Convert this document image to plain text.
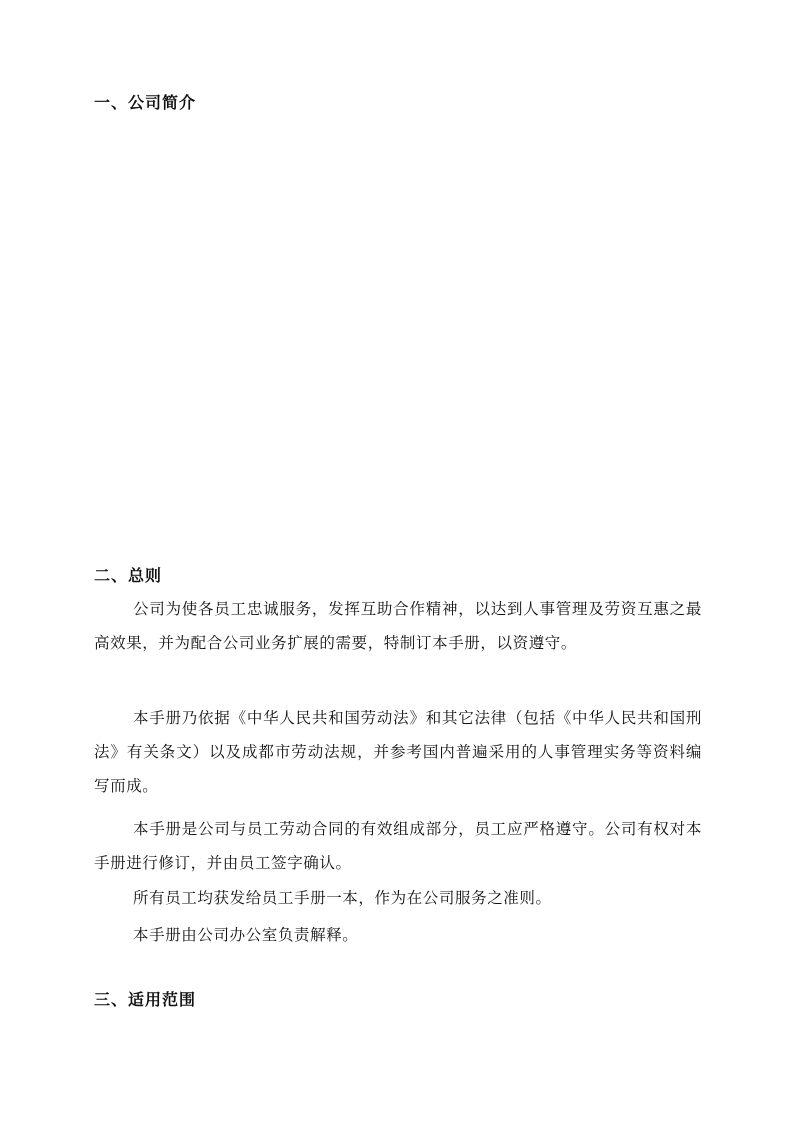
一、公司简介
二、总则

公司为使各员工忠诚服务，发挥互助合作精神，以达到人事管理及劳资互惠之最高效果，并为配合公司业务扩展的需要，特制订本手册，以资遵守。

本手册乃依据《中华人民共和国劳动法》和其它法律（包括《中华人民共和国刑法》有关条文）以及成都市劳动法规，并参考国内普遍采用的人事管理实务等资料编写而成。

本手册是公司与员工劳动合同的有效组成部分，员工应严格遵守。公司有权对本手册进行修订，并由员工签字确认。

所有员工均获发给员工手册一本，作为在公司服务之准则。

本手册由公司办公室负责解释。

三、适用范围
